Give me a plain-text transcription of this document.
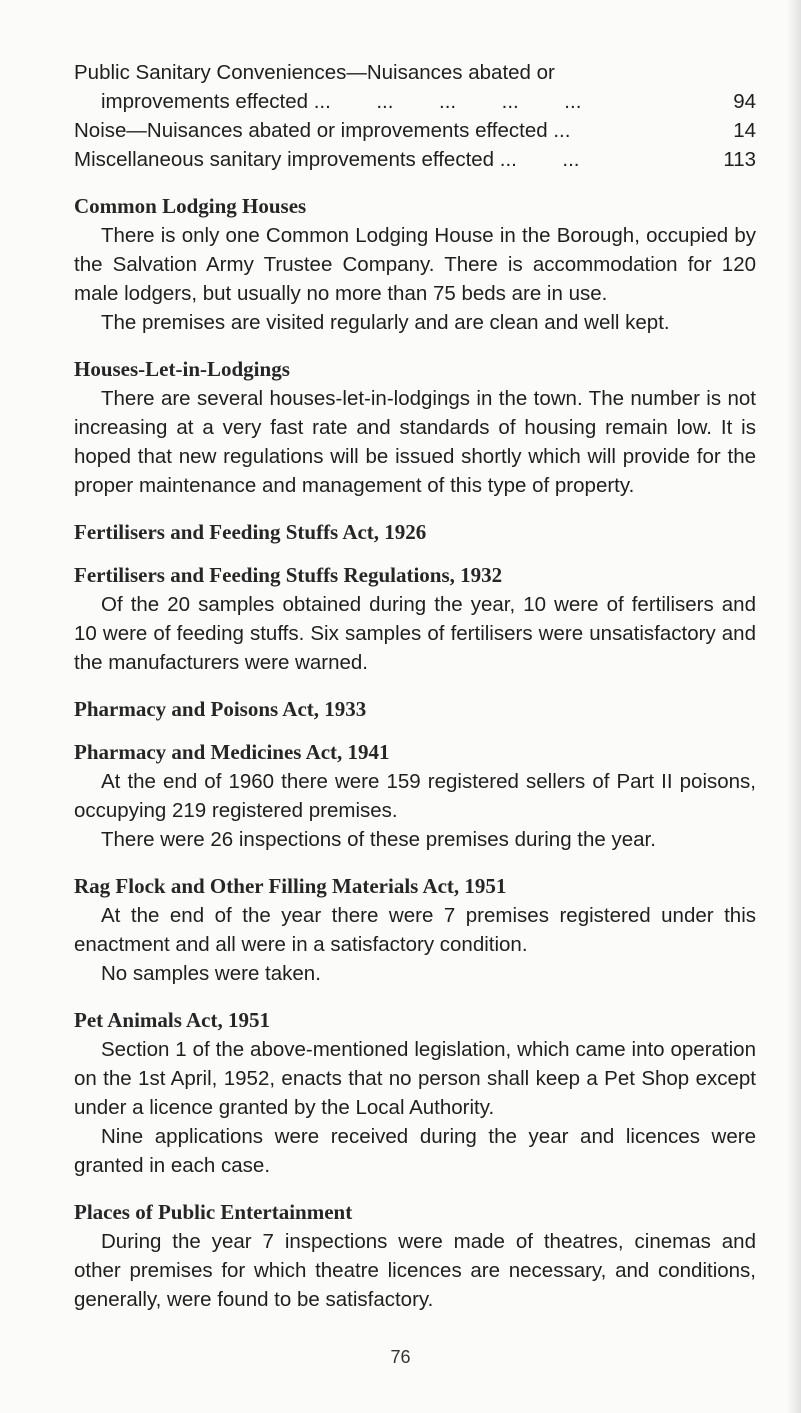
Public Sanitary Conveniences—Nuisances abated or
improvements effected ...        ...        ...        ...        ...	94
Noise—Nuisances abated or improvements effected ...	14
Miscellaneous sanitary improvements effected ...        ...	113
Common Lodging Houses
There is only one Common Lodging House in the Borough, occupied by the Salvation Army Trustee Company. There is accommodation for 120 male lodgers, but usually no more than 75 beds are in use.
The premises are visited regularly and are clean and well kept.
Houses-Let-in-Lodgings
There are several houses-let-in-lodgings in the town. The number is not increasing at a very fast rate and standards of housing remain low. It is hoped that new regulations will be issued shortly which will provide for the proper maintenance and management of this type of property.
Fertilisers and Feeding Stuffs Act, 1926
Fertilisers and Feeding Stuffs Regulations, 1932
Of the 20 samples obtained during the year, 10 were of fertilisers and 10 were of feeding stuffs. Six samples of fertilisers were unsatisfactory and the manufacturers were warned.
Pharmacy and Poisons Act, 1933
Pharmacy and Medicines Act, 1941
At the end of 1960 there were 159 registered sellers of Part II poisons, occupying 219 registered premises.
There were 26 inspections of these premises during the year.
Rag Flock and Other Filling Materials Act, 1951
At the end of the year there were 7 premises registered under this enactment and all were in a satisfactory condition.
No samples were taken.
Pet Animals Act, 1951
Section 1 of the above-mentioned legislation, which came into operation on the 1st April, 1952, enacts that no person shall keep a Pet Shop except under a licence granted by the Local Authority.
Nine applications were received during the year and licences were granted in each case.
Places of Public Entertainment
During the year 7 inspections were made of theatres, cinemas and other premises for which theatre licences are necessary, and conditions, generally, were found to be satisfactory.
76
